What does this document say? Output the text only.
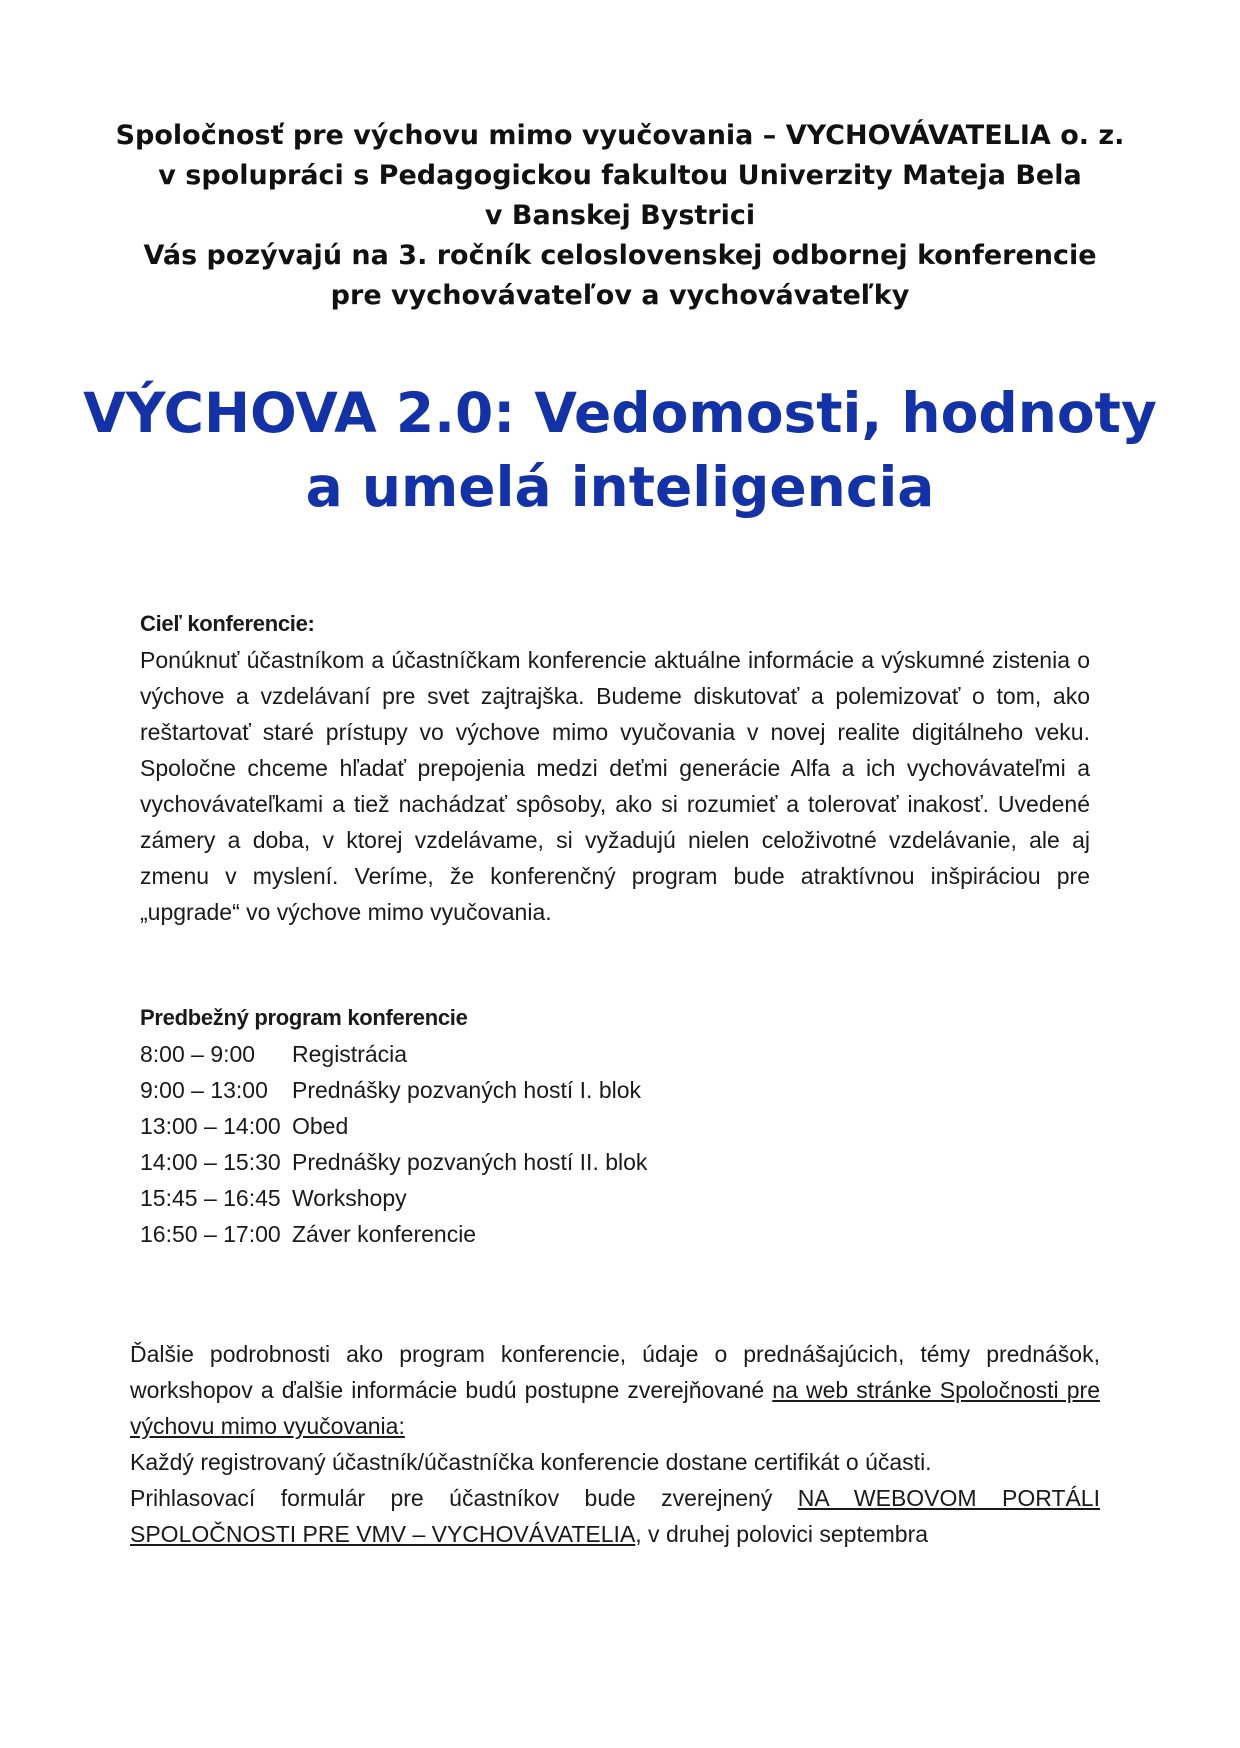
Spoločnosť pre výchovu mimo vyučovania – VYCHOVÁVATELIA o. z.
v spolupráci s Pedagogickou fakultou Univerzity Mateja Bela
v Banskej Bystrici
Vás pozývajú na 3. ročník celoslovenskej odbornej konferencie
pre vychovávateľov a vychovávateľky
VÝCHOVA 2.0: Vedomosti, hodnoty
a umelá inteligencia
Cieľ konferencie:
Ponúknuť účastníkom a účastníčkam konferencie aktuálne informácie a výskumné zistenia o výchove a vzdelávaní pre svet zajtrajška. Budeme diskutovať a polemizovať o tom, ako reštartovať staré prístupy vo výchove mimo vyučovania v novej realite digitálneho veku. Spoločne chceme hľadať prepojenia medzi deťmi generácie Alfa a ich vychovávateľmi a vychovávateľkami a tiež nachádzať spôsoby, ako si rozumieť a tolerovať inakosť. Uvedené zámery a doba, v ktorej vzdelávame, si vyžadujú nielen celoživotné vzdelávanie, ale aj zmenu v myslení. Veríme, že konferenčný program bude atraktívnou inšpiráciou pre „upgrade“ vo výchove mimo vyučovania.
Predbežný program konferencie
8:00 – 9:00	Registrácia
9:00 – 13:00	Prednášky pozvaných hostí I. blok
13:00 – 14:00 Obed
14:00 – 15:30 Prednášky pozvaných hostí II. blok
15:45 – 16:45 Workshopy
16:50 – 17:00 Záver konferencie

Ďalšie podrobnosti ako program konferencie, údaje o prednášajúcich, témy prednášok, workshopov a ďalšie informácie budú postupne zverejňované na web stránke Spoločnosti pre výchovu mimo vyučovania:

Každý registrovaný účastník/účastníčka konferencie dostane certifikát o účasti.

Prihlasovací formulár pre účastníkov bude zverejnený NA WEBOVOM PORTÁLI SPOLOČNOSTI PRE VMV – VYCHOVÁVATELIA, v druhej polovici septembra
